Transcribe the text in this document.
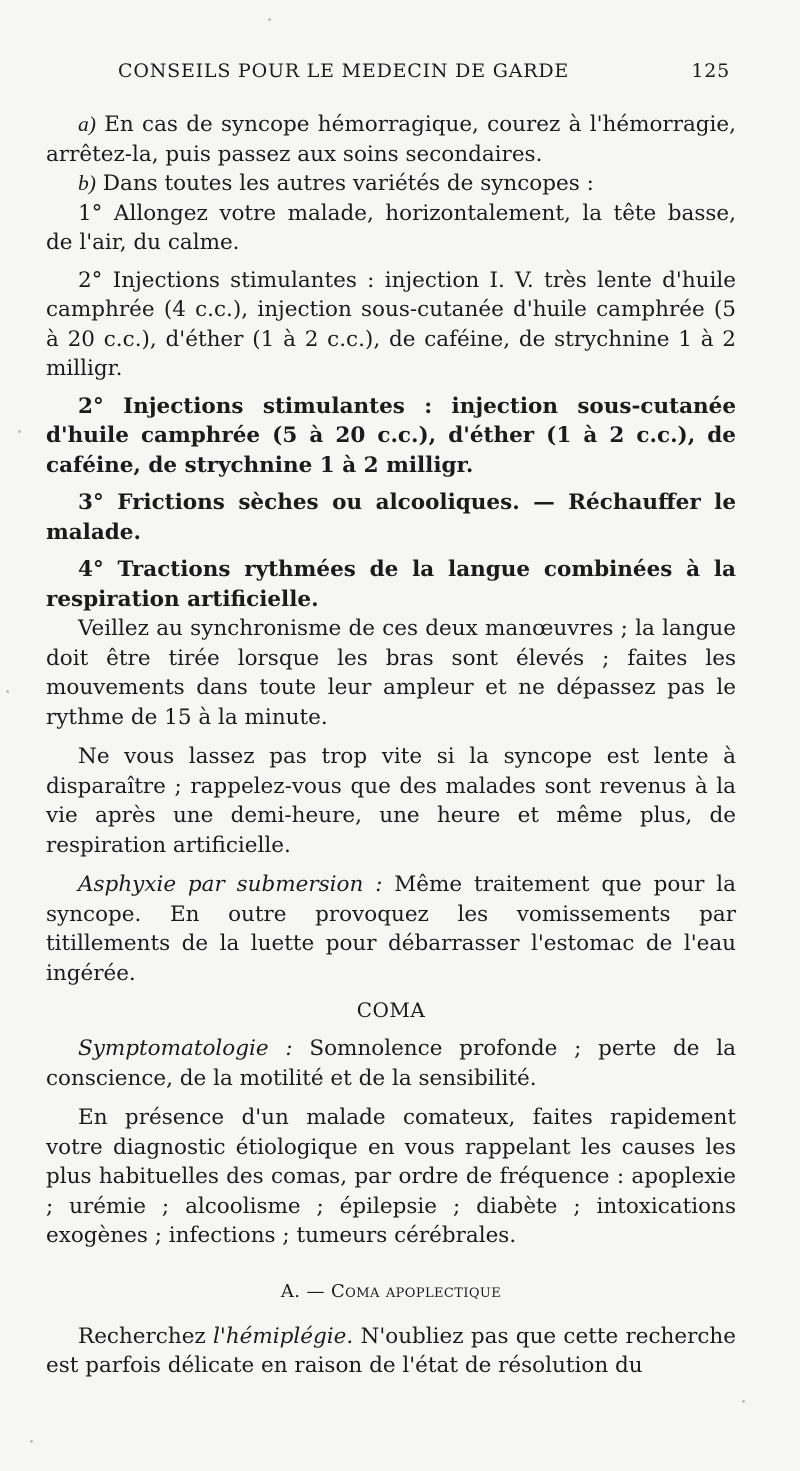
CONSEILS POUR LE MEDECIN DE GARDE	125

a) En cas de syncope hémorragique, courez à l'hémorragie, arrêtez-la, puis passez aux soins secondaires.

b) Dans toutes les autres variétés de syncopes :

1° Allongez votre malade, horizontalement, la tête basse, de l'air, du calme.

2° Injections stimulantes : injection I. V. très lente d'huile camphrée (4 c.c.), injection sous-cutanée d'huile camphrée (5 à 20 c.c.), d'éther (1 à 2 c.c.), de caféine, de strychnine 1 à 2 milligr.

2° Injections stimulantes : injection sous-cutanée d'huile camphrée (5 à 20 c.c.), d'éther (1 à 2 c.c.), de caféine, de strychnine 1 à 2 milligr.

3° Frictions sèches ou alcooliques. — Réchauffer le malade.

4° Tractions rythmées de la langue combinées à la respiration artificielle.

Veillez au synchronisme de ces deux manœuvres ; la langue doit être tirée lorsque les bras sont élevés ; faites les mouvements dans toute leur ampleur et ne dépassez pas le rythme de 15 à la minute.

Ne vous lassez pas trop vite si la syncope est lente à disparaître ; rappelez-vous que des malades sont revenus à la vie après une demi-heure, une heure et même plus, de respiration artificielle.

Asphyxie par submersion : Même traitement que pour la syncope. En outre provoquez les vomissements par titillements de la luette pour débarrasser l'estomac de l'eau ingérée.

COMA

Symptomatologie : Somnolence profonde ; perte de la conscience, de la motilité et de la sensibilité.

En présence d'un malade comateux, faites rapidement votre diagnostic étiologique en vous rappelant les causes les plus habituelles des comas, par ordre de fréquence : apoplexie ; urémie ; alcoolisme ; épilepsie ; diabète ; intoxications exogènes ; infections ; tumeurs cérébrales.

A. — Coma apoplectique

Recherchez l'hémiplégie. N'oubliez pas que cette recherche est parfois délicate en raison de l'état de résolution du
